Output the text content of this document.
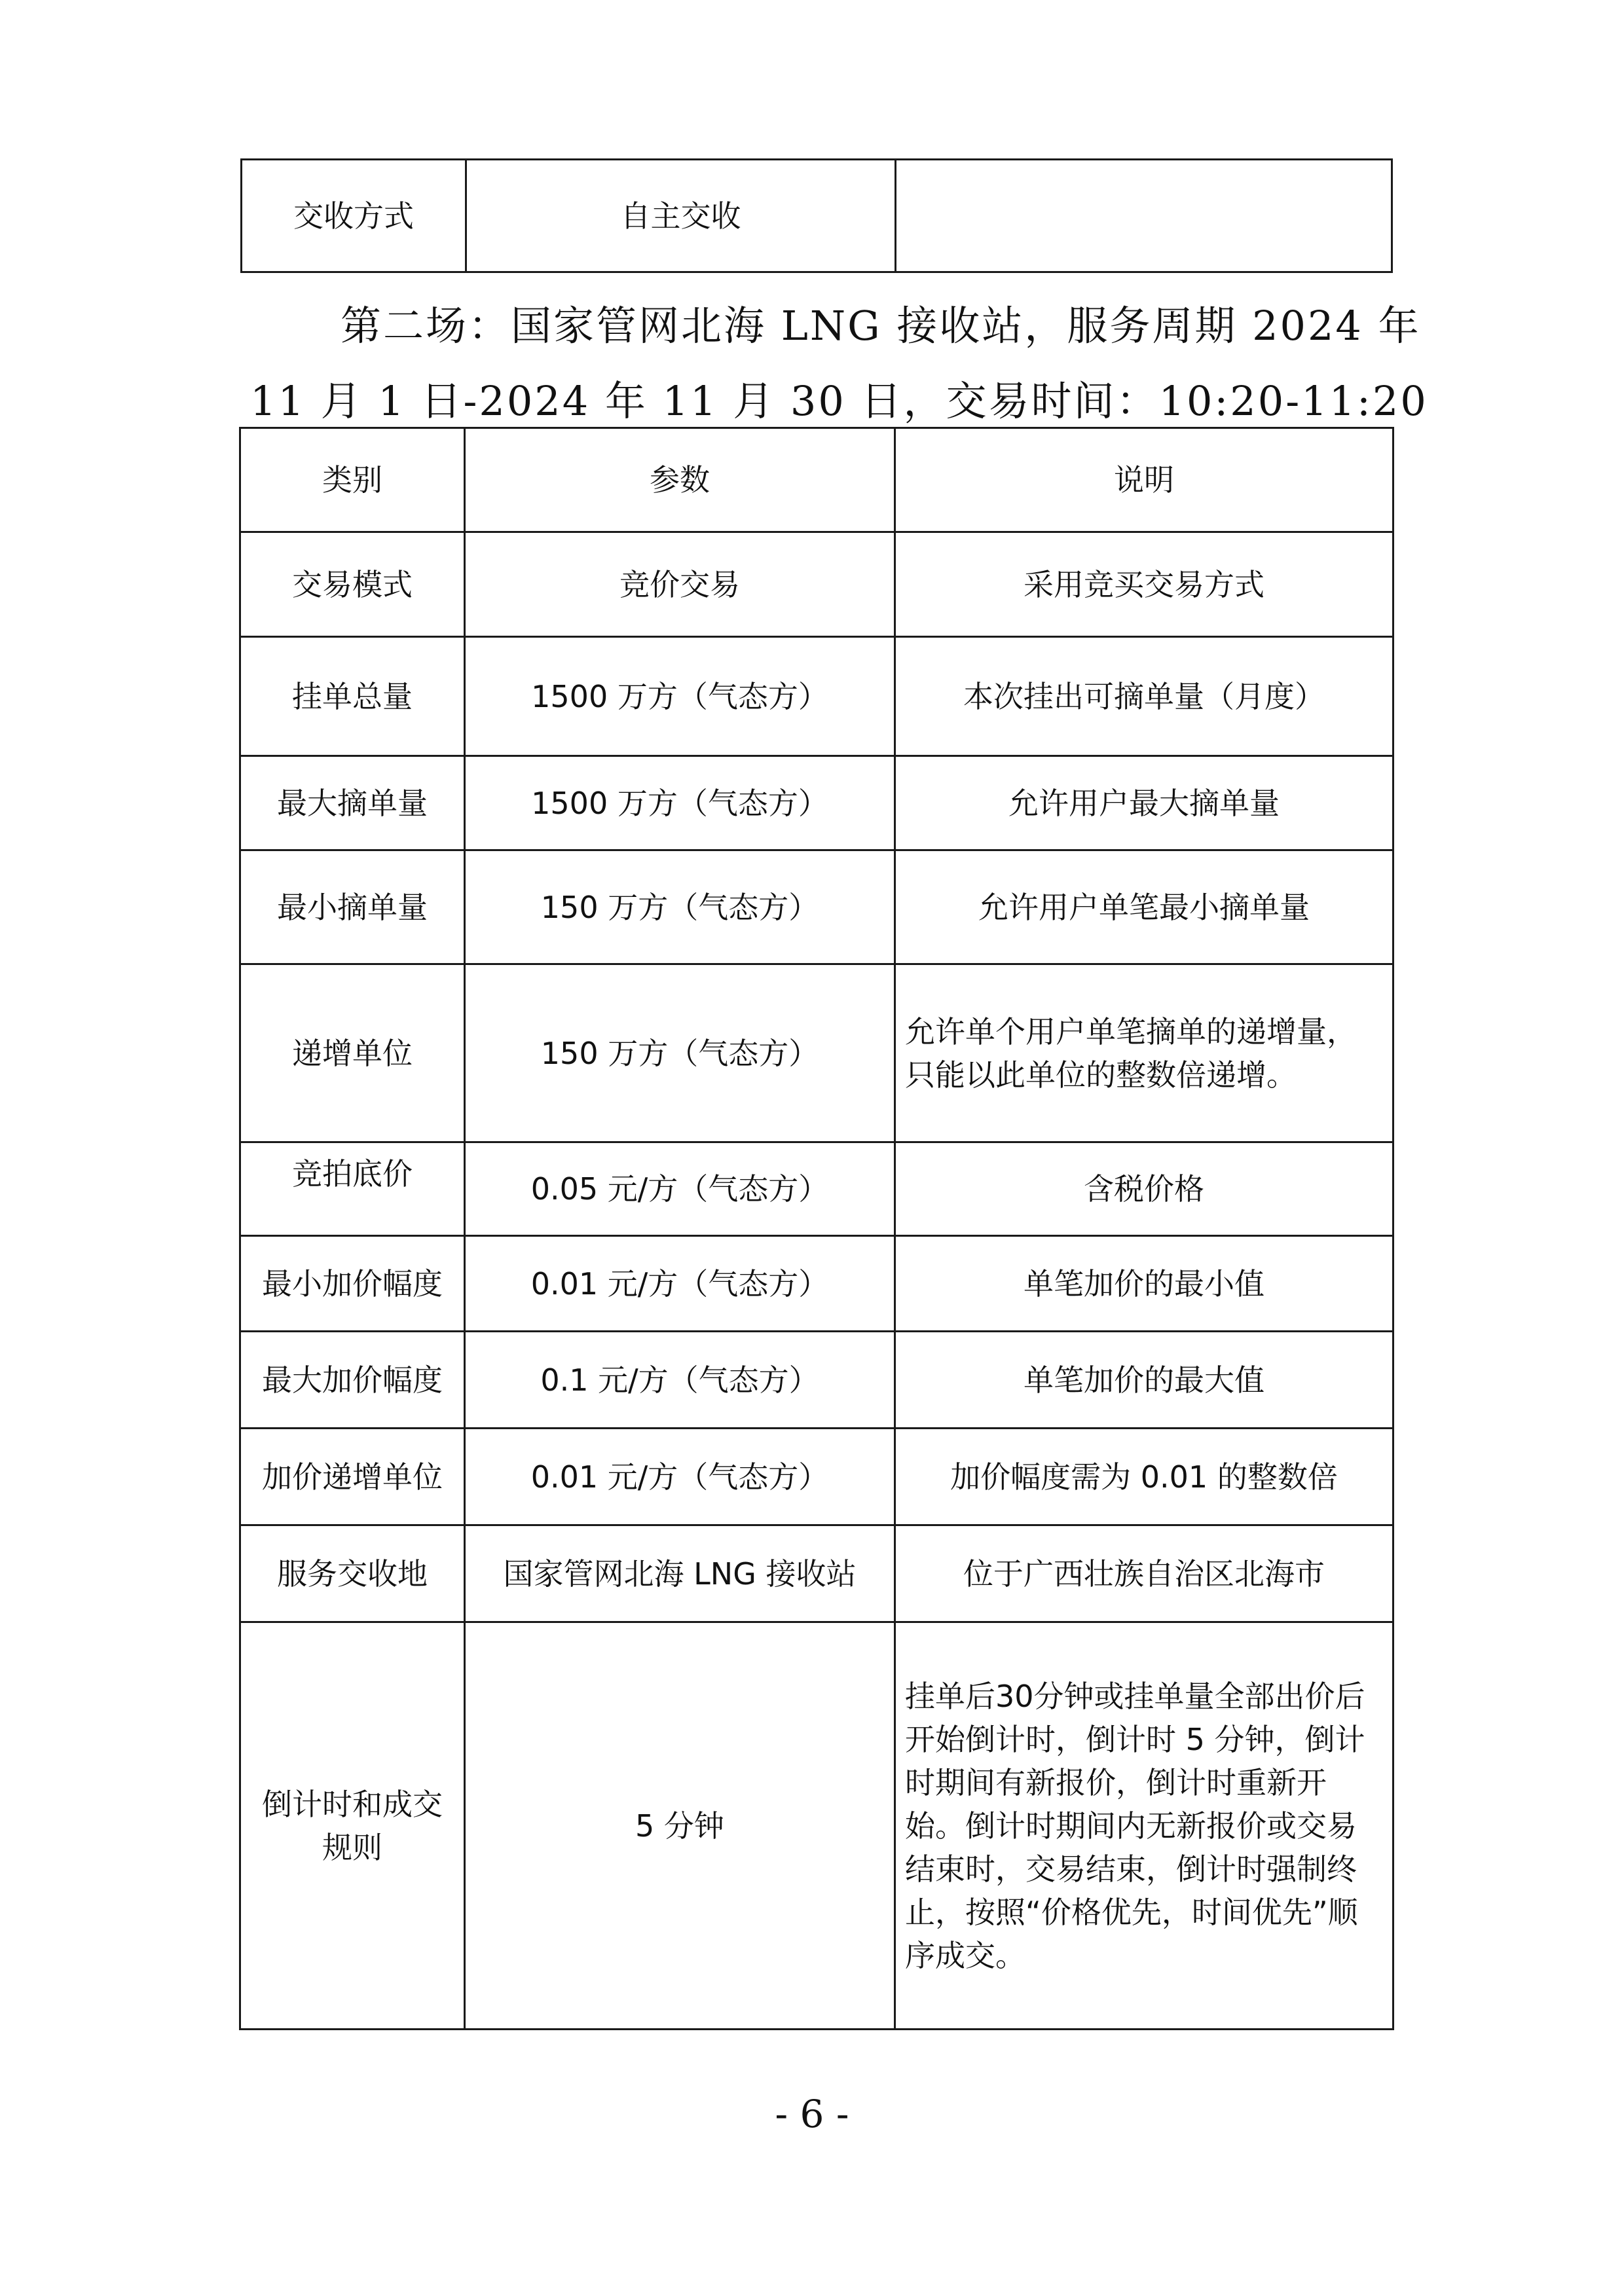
交收方式	自主交收	
第二场：国家管网北海 LNG 接收站，服务周期 2024 年
11 月 1 日-2024 年 11 月 30 日，交易时间：10:20-11:20
类别	参数	说明
交易模式	竞价交易	采用竞买交易方式
挂单总量	1500 万方（气态方）	本次挂出可摘单量（月度）
最大摘单量	1500 万方（气态方）	允许用户最大摘单量
最小摘单量	150 万方（气态方）	允许用户单笔最小摘单量
递增单位	150 万方（气态方）	允许单个用户单笔摘单的递增量，只能以此单位的整数倍递增。
竞拍底价	0.05 元/方（气态方）	含税价格
最小加价幅度	0.01 元/方（气态方）	单笔加价的最小值
最大加价幅度	0.1 元/方（气态方）	单笔加价的最大值
加价递增单位	0.01 元/方（气态方）	加价幅度需为 0.01 的整数倍
服务交收地	国家管网北海 LNG 接收站	位于广西壮族自治区北海市
倒计时和成交规则	5 分钟	挂单后30分钟或挂单量全部出价后开始倒计时，倒计时 5 分钟，倒计时期间有新报价，倒计时重新开始。倒计时期间内无新报价或交易结束时，交易结束，倒计时强制终止，按照“价格优先，时间优先”顺序成交。
- 6 -
